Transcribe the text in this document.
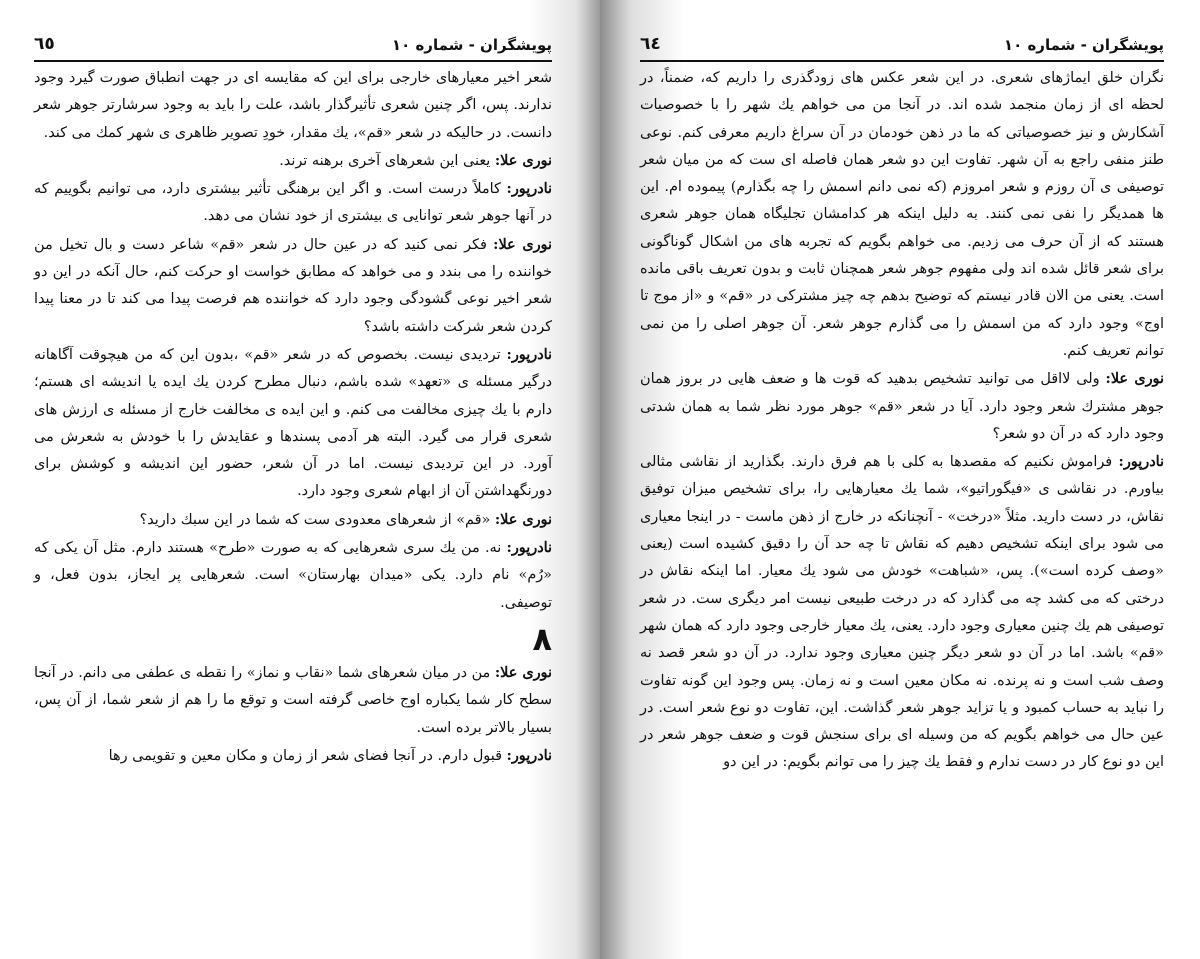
پویشگران - شماره ١٠
٦٥

شعر اخیر معیارهای خارجی برای این که مقایسه ای در جهت انطباق صورت گیرد وجود ندارند. پس، اگر چنین شعری تأثیرگذار باشد، علت را باید به وجود سرشارتر جوهر شعر دانست. در حالیکه در شعر «قم»، یك مقدار، خودِ تصویر ظاهری ی شهر کمك می کند.

نوری علا: یعنی این شعرهای آخری برهنه ترند.

نادرپور: کاملاً درست است. و اگر این برهنگی تأثیر بیشتری دارد، می توانیم بگوییم که در آنها جوهر شعر توانایی ی بیشتری از خود نشان می دهد.

نوری علا: فکر نمی کنید که در عین حال در شعر «قم» شاعر دست و بال تخیل من خواننده را می بندد و می خواهد که مطابق خواست او حرکت کنم، حال آنکه در این دو شعر اخیر نوعی گشودگی وجود دارد که خواننده هم فرصت پیدا می کند تا در معنا پیدا کردن شعر شرکت داشته باشد؟

نادرپور: تردیدی نیست. بخصوص که در شعر «قم» ،بدون این که من هیچوقت آگاهانه درگیر مسئله ی «تعهد» شده باشم، دنبال مطرح کردن یك ایده یا اندیشه ای هستم؛ دارم با یك چیزی مخالفت می کنم. و این ایده ی مخالفت خارج از مسئله ی ارزش های شعری قرار می گیرد. البته هر آدمی پسندها و عقایدش را با خودش به شعرش می آورد. در این تردیدی نیست. اما در آن شعر، حضور این اندیشه و کوشش برای دورنگهداشتن آن از ابهام شعری وجود دارد.

نوری علا: «قم» از شعرهای معدودی ست که شما در این سبك دارید؟

نادرپور: نه. من یك سری شعرهایی که به صورت «طرح» هستند دارم. مثل آن یکی که «رُم» نام دارد. یکی «میدان بهارستان» است. شعرهایی پر ایجاز، بدون فعل، و توصیفی.

٨

نوری علا: من در میان شعرهای شما «نقاب و نماز» را نقطه ی عطفی می دانم. در آنجا سطح کار شما یکباره اوج خاصی گرفته است و توقع ما را هم از شعر شما، از آن پس، بسیار بالاتر برده است.

نادرپور: قبول دارم. در آنجا فضای شعر از زمان و مکان معین و تقویمی رها

پویشگران - شماره ١٠
٦٤

نگران خلق ایماژهای شعری. در این شعر عکس های زودگذری را داریم که، ضمناً، در لحظه ای از زمان منجمد شده اند. در آنجا من می خواهم یك شهر را با خصوصیات آشکارش و نیز خصوصیاتی که ما در ذهن خودمان در آن سراغ داریم معرفی کنم. نوعی طنز منفی راجع به آن شهر. تفاوت این دو شعر همان فاصله ای ست که من میان شعر توصیفی ی آن روزم و شعر امروزم (که نمی دانم اسمش را چه بگذارم) پیموده ام. این ها همدیگر را نفی نمی کنند. به دلیل اینکه هر کدامشان تجلیگاه همان جوهر شعری هستند که از آن حرف می زدیم. می خواهم بگویم که تجربه های من اشکال گوناگونی برای شعر قائل شده اند ولی مفهوم جوهر شعر همچنان ثابت و بدون تعریف باقی مانده است. یعنی من الان قادر نیستم که توضیح بدهم چه چیز مشترکی در «قم» و «از موج تا اوج» وجود دارد که من اسمش را می گذارم جوهر شعر. آن جوهر اصلی را من نمی توانم تعریف کنم.

نوری علا: ولی لااقل می توانید تشخیص بدهید که قوت ها و ضعف هایی در بروز همان جوهر مشترك شعر وجود دارد. آیا در شعر «قم» جوهر مورد نظر شما به همان شدتی وجود دارد که در آن دو شعر؟

نادرپور: فراموش نکنیم که مقصدها به کلی با هم فرق دارند. بگذارید از نقاشی مثالی بیاورم. در نقاشی ی «فیگوراتیو»، شما یك معیارهایی را، برای تشخیص میزان توفیق نقاش، در دست دارید. مثلاً «درخت» - آنچنانکه در خارج از ذهن ماست - در اینجا معیاری می شود برای اینکه تشخیص دهیم که نقاش تا چه حد آن را دقیق کشیده است (یعنی «وصف کرده است»). پس، «شباهت» خودش می شود یك معیار. اما اینکه نقاش در درختی که می کشد چه می گذارد که در درخت طبیعی نیست امر دیگری ست. در شعر توصیفی هم یك چنین معیاری وجود دارد. یعنی، یك معیار خارجی وجود دارد که همان شهر «قم» باشد. اما در آن دو شعر دیگر چنین معیاری وجود ندارد. در آن دو شعر قصد نه وصف شب است و نه پرنده. نه مکان معین است و نه زمان. پس وجود این گونه تفاوت را نباید به حساب کمبود و یا تزاید جوهر شعر گذاشت. این، تفاوت دو نوع شعر است. در عین حال می خواهم بگویم که من وسیله ای برای سنجش قوت و ضعف جوهر شعر در این دو نوع کار در دست ندارم و فقط یك چیز را می توانم بگویم: در این دو
